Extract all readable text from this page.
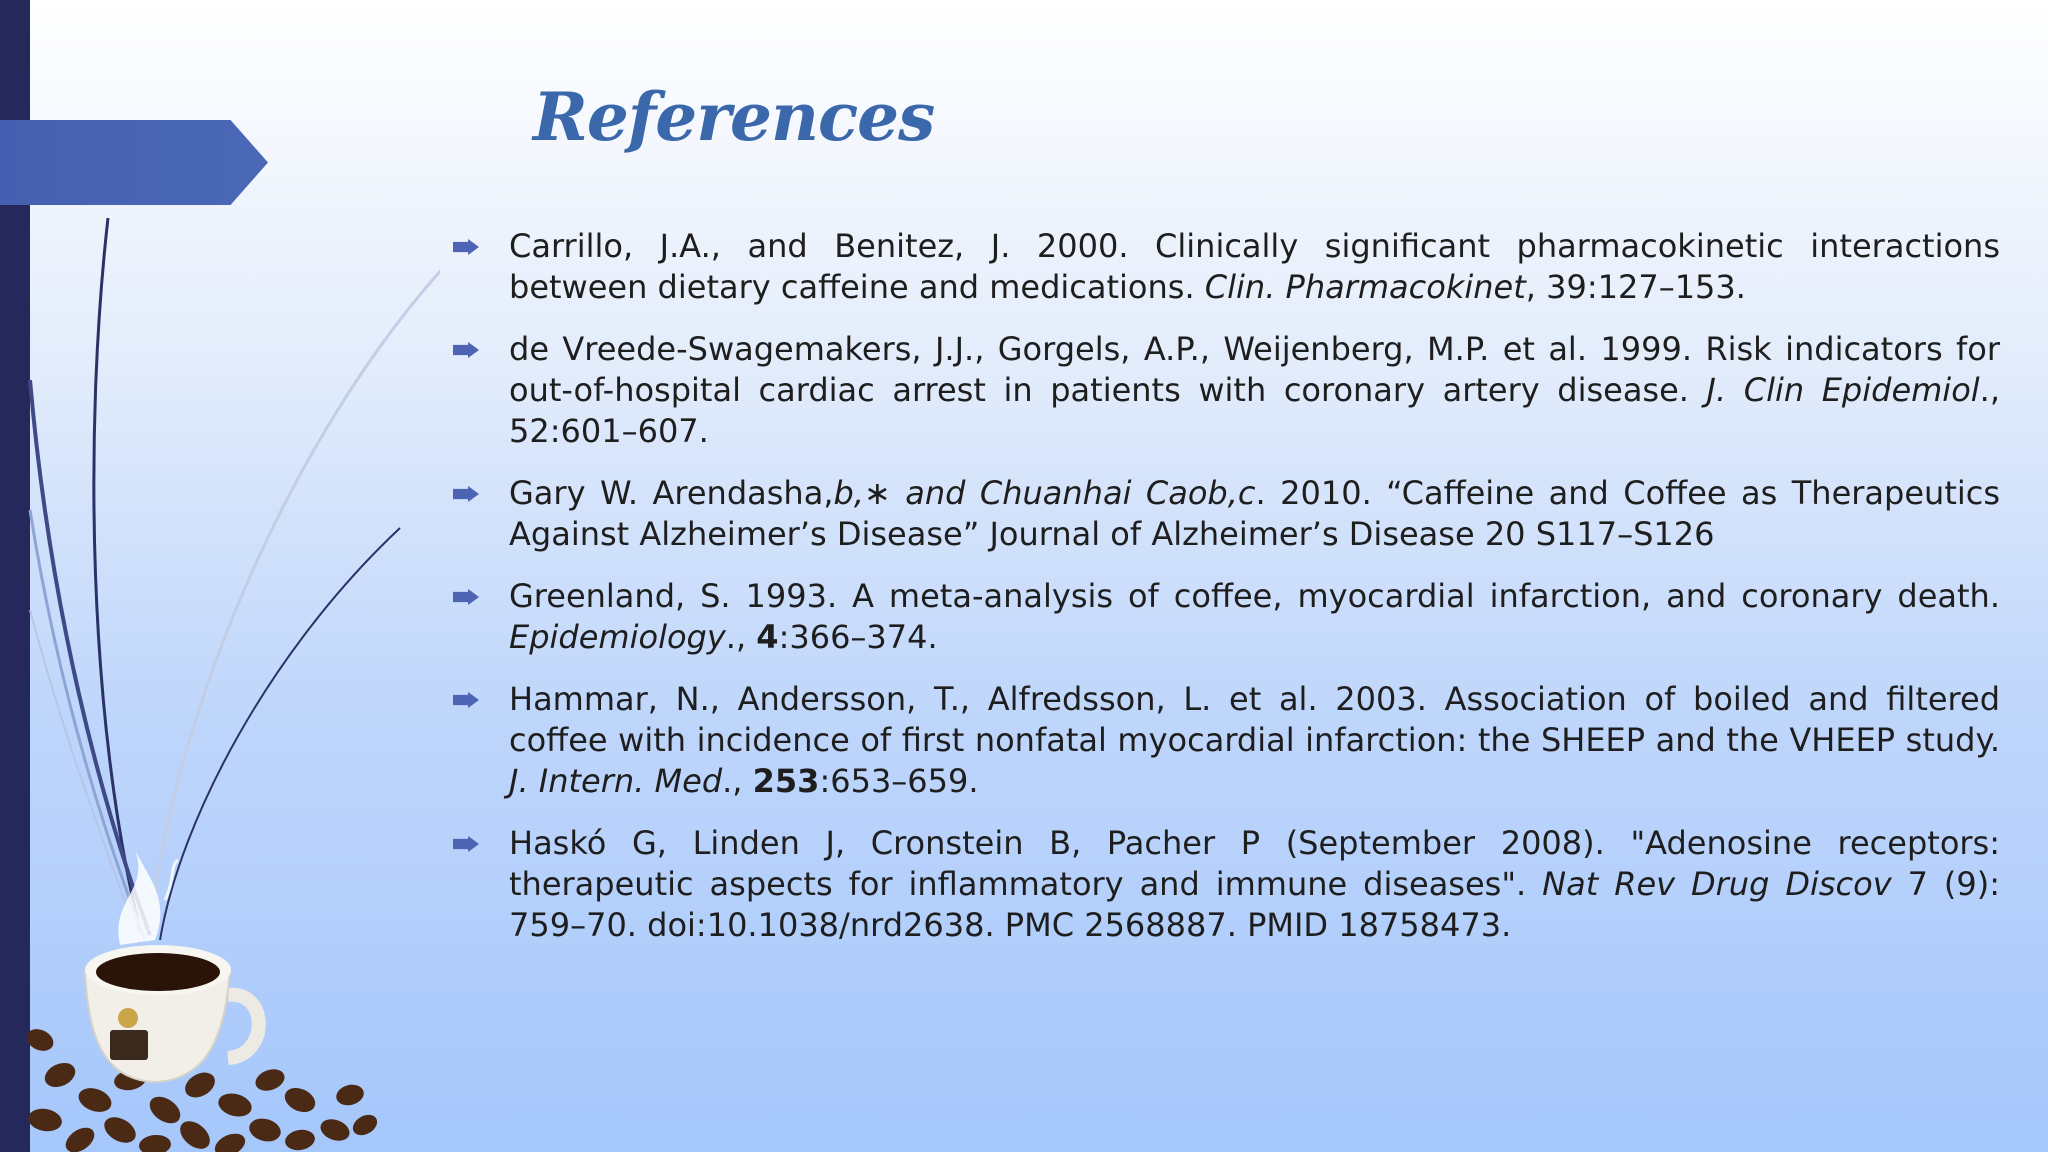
References
Carrillo, J.A., and Benitez, J. 2000. Clinically significant pharmacokinetic interactions between dietary caffeine and medications. Clin. Pharmacokinet, 39:127–153.
de Vreede-Swagemakers, J.J., Gorgels, A.P., Weijenberg, M.P. et al. 1999. Risk indicators for out-of-hospital cardiac arrest in patients with coronary artery disease. J. Clin Epidemiol., 52:601–607.
Gary W. Arendasha,b,∗ and Chuanhai Caob,c. 2010. “Caffeine and Coffee as Therapeutics Against Alzheimer’s Disease” Journal of Alzheimer’s Disease 20 S117–S126
Greenland, S. 1993. A meta-analysis of coffee, myocardial infarction, and coronary death. Epidemiology., 4:366–374.
Hammar, N., Andersson, T., Alfredsson, L. et al. 2003. Association of boiled and filtered coffee with incidence of first nonfatal myocardial infarction: the SHEEP and the VHEEP study. J. Intern. Med., 253:653–659.
Haskó G, Linden J, Cronstein B, Pacher P (September 2008). "Adenosine receptors: therapeutic aspects for inflammatory and immune diseases". Nat Rev Drug Discov 7 (9): 759–70. doi:10.1038/nrd2638. PMC 2568887. PMID 18758473.
